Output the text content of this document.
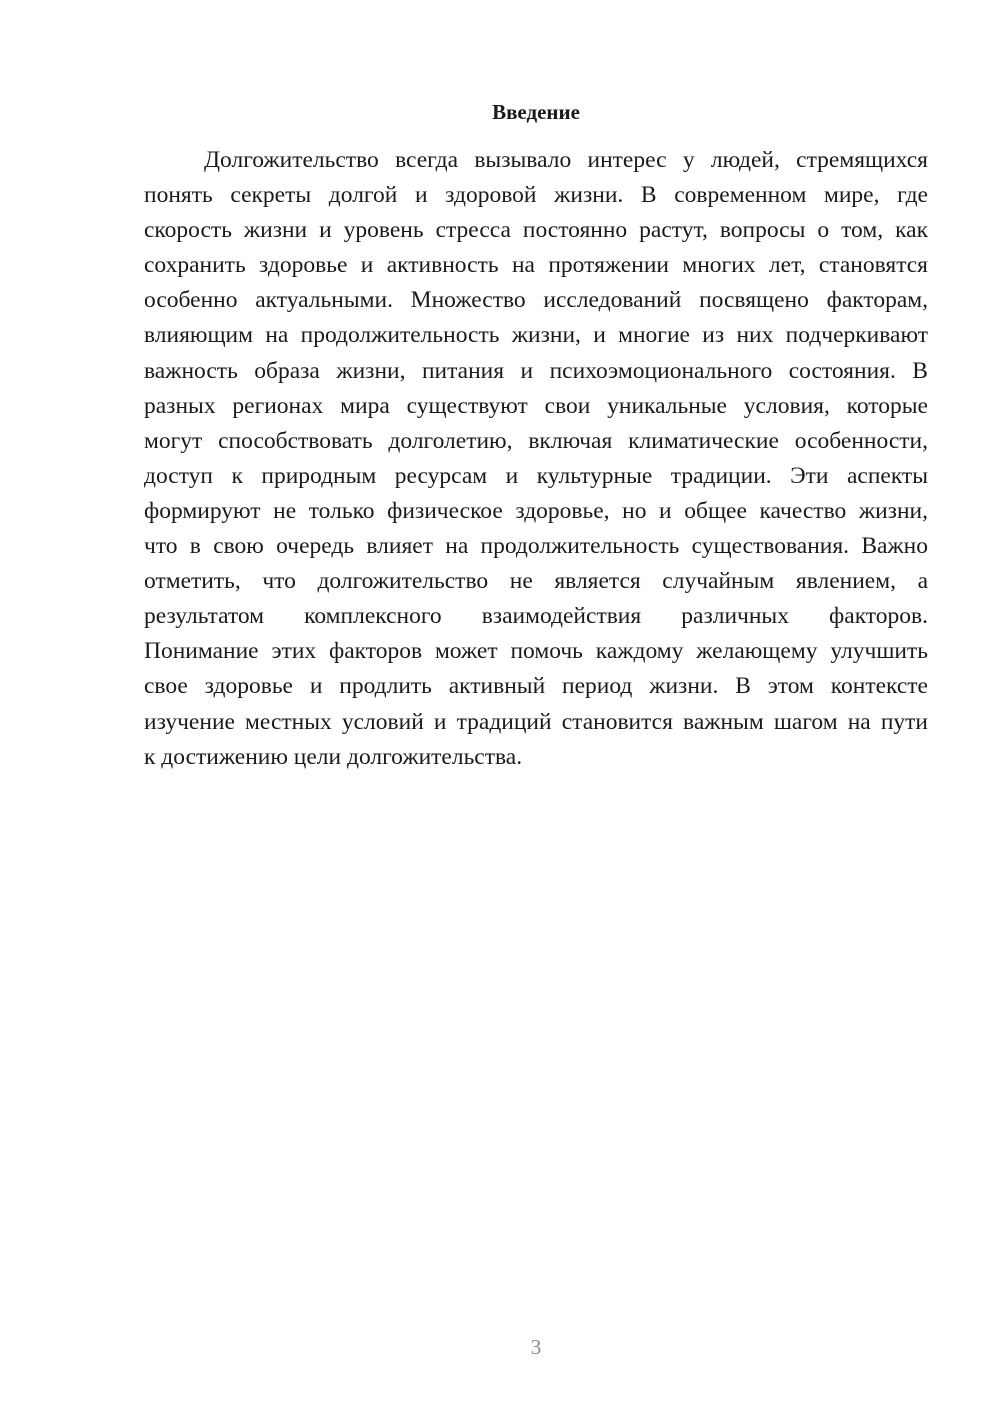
Введение
Долгожительство всегда вызывало интерес у людей, стремящихся
понять секреты долгой и здоровой жизни. В современном мире, где
скорость жизни и уровень стресса постоянно растут, вопросы о том, как
сохранить здоровье и активность на протяжении многих лет, становятся
особенно актуальными. Множество исследований посвящено факторам,
влияющим на продолжительность жизни, и многие из них подчеркивают
важность образа жизни, питания и психоэмоционального состояния. В
разных регионах мира существуют свои уникальные условия, которые
могут способствовать долголетию, включая климатические особенности,
доступ к природным ресурсам и культурные традиции. Эти аспекты
формируют не только физическое здоровье, но и общее качество жизни,
что в свою очередь влияет на продолжительность существования. Важно
отметить, что долгожительство не является случайным явлением, а
результатом комплексного взаимодействия различных факторов.
Понимание этих факторов может помочь каждому желающему улучшить
свое здоровье и продлить активный период жизни. В этом контексте
изучение местных условий и традиций становится важным шагом на пути
к достижению цели долгожительства.
3
